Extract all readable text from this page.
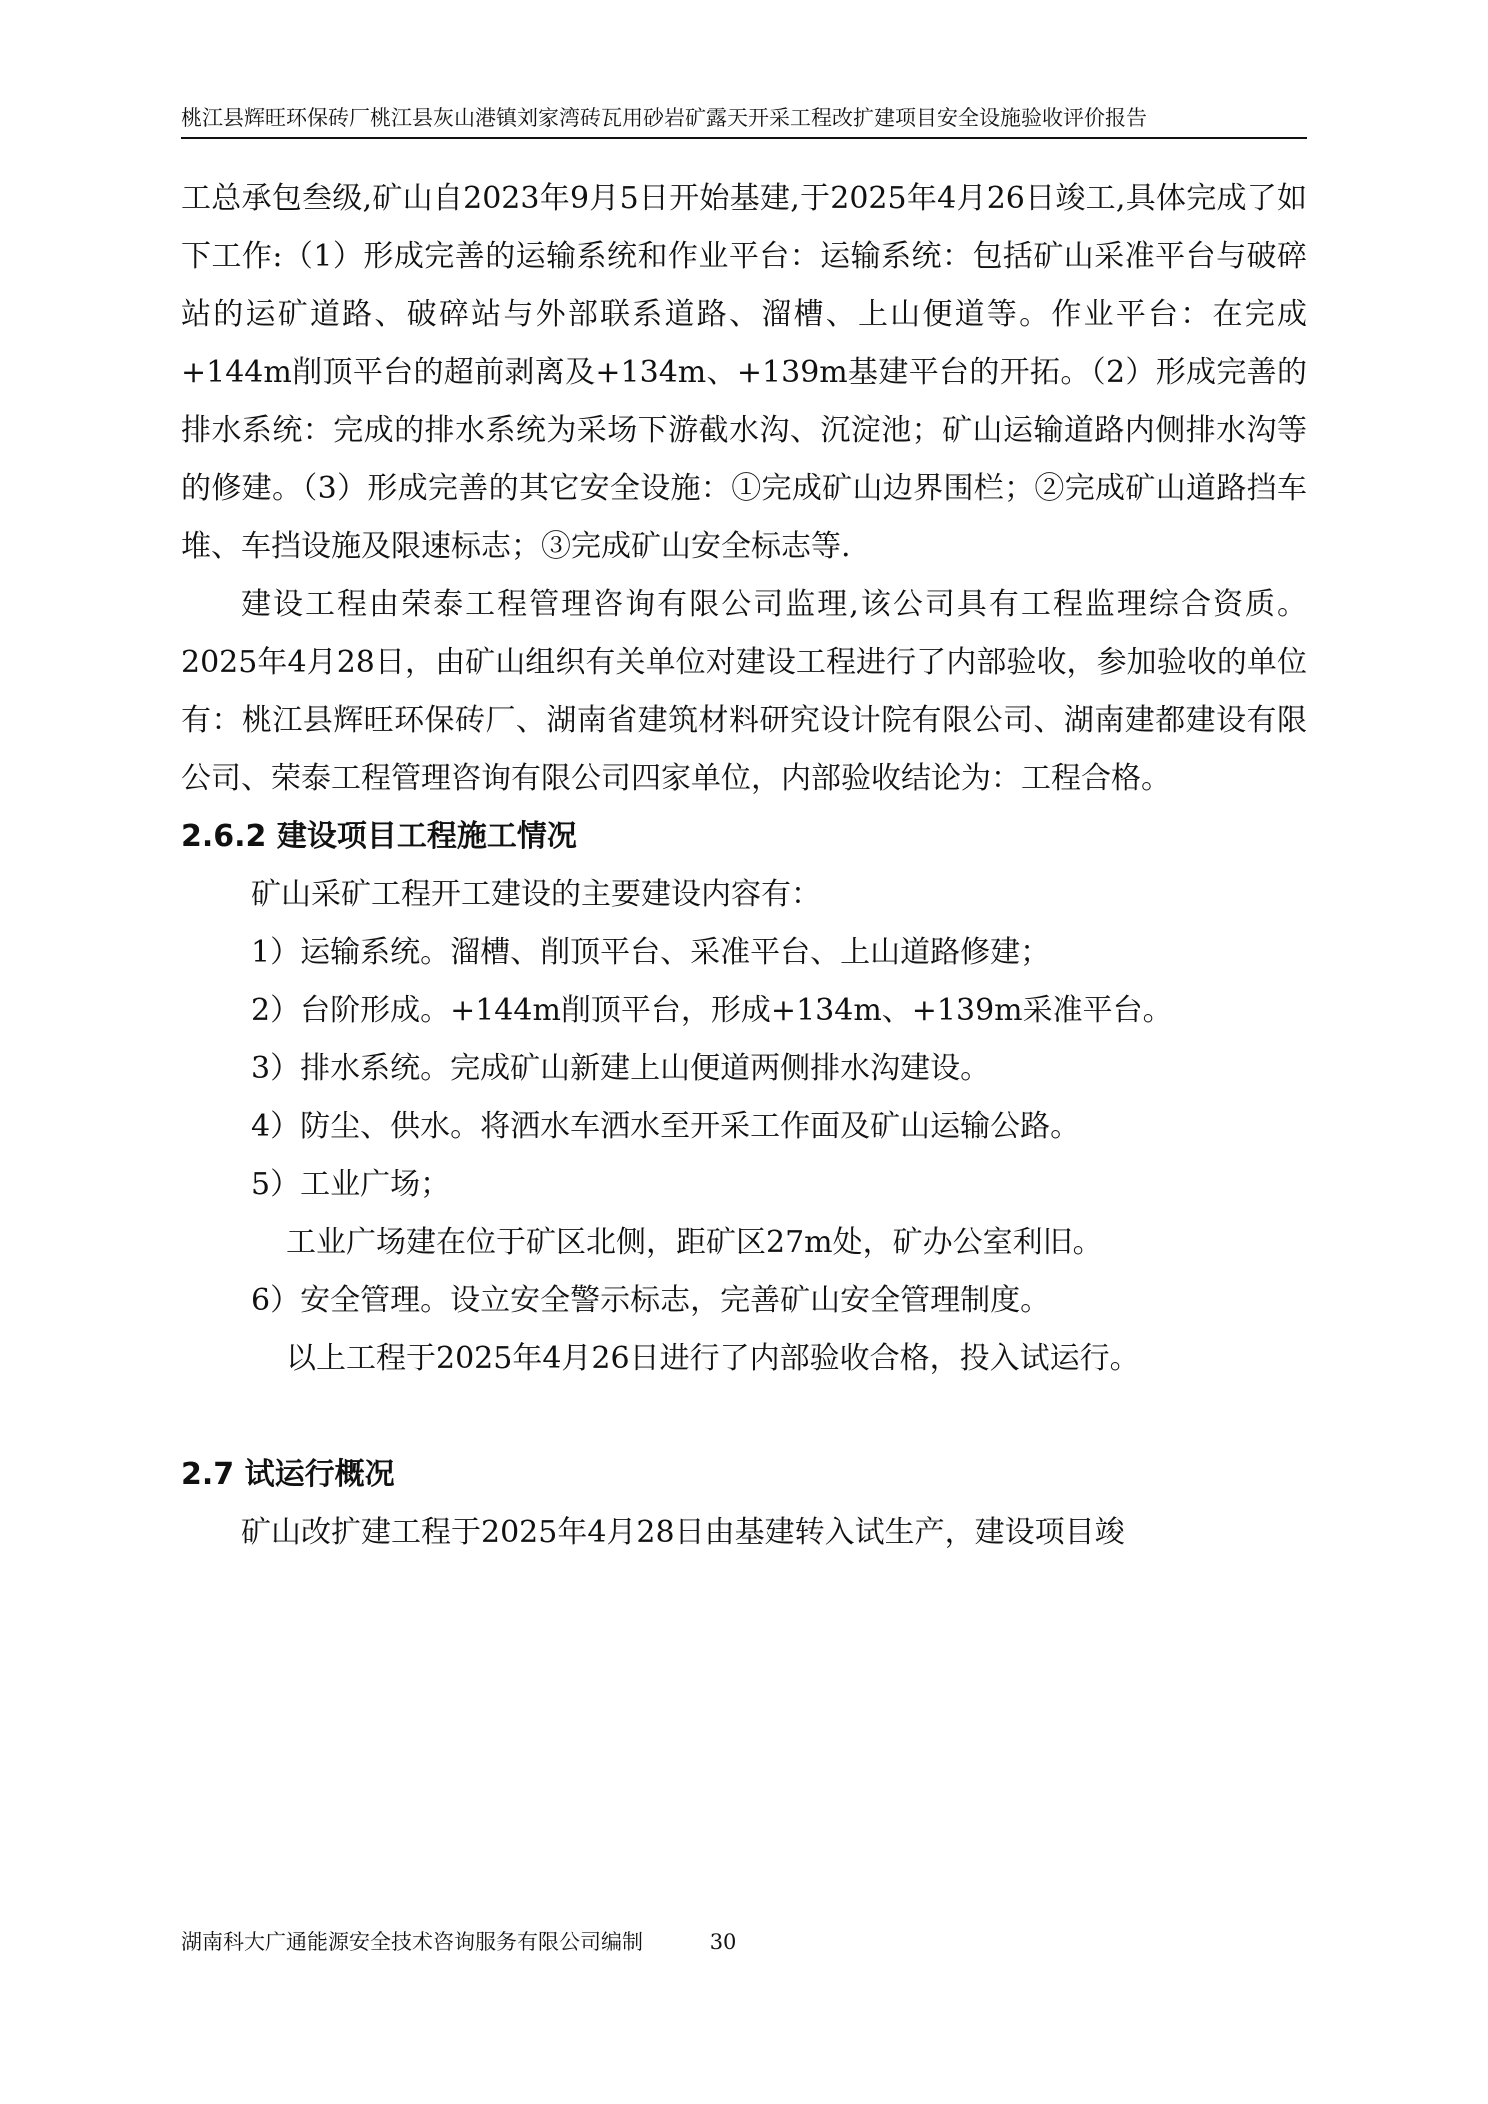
桃江县辉旺环保砖厂桃江县灰山港镇刘家湾砖瓦用砂岩矿露天开采工程改扩建项目安全设施验收评价报告

工总承包叁级,矿山自2023年9月5日开始基建,于2025年4月26日竣工,具体完成了如下工作:（1）形成完善的运输系统和作业平台：运输系统：包括矿山采准平台与破碎站的运矿道路、破碎站与外部联系道路、溜槽、上山便道等。作业平台：在完成+144m削顶平台的超前剥离及+134m、+139m基建平台的开拓。（2）形成完善的排水系统：完成的排水系统为采场下游截水沟、沉淀池；矿山运输道路内侧排水沟等的修建。（3）形成完善的其它安全设施：①完成矿山边界围栏；②完成矿山道路挡车堆、车挡设施及限速标志；③完成矿山安全标志等.

建设工程由荣泰工程管理咨询有限公司监理,该公司具有工程监理综合资质。2025年4月28日，由矿山组织有关单位对建设工程进行了内部验收，参加验收的单位有：桃江县辉旺环保砖厂、湖南省建筑材料研究设计院有限公司、湖南建都建设有限公司、荣泰工程管理咨询有限公司四家单位，内部验收结论为：工程合格。

2.6.2 建设项目工程施工情况

矿山采矿工程开工建设的主要建设内容有：

1）运输系统。溜槽、削顶平台、采准平台、上山道路修建；

2）台阶形成。+144m削顶平台，形成+134m、+139m采准平台。

3）排水系统。完成矿山新建上山便道两侧排水沟建设。

4）防尘、供水。将洒水车洒水至开采工作面及矿山运输公路。

5）工业广场；

工业广场建在位于矿区北侧，距矿区27m处，矿办公室利旧。

6）安全管理。设立安全警示标志，完善矿山安全管理制度。

以上工程于2025年4月26日进行了内部验收合格，投入试运行。

2.7 试运行概况

矿山改扩建工程于2025年4月28日由基建转入试生产，建设项目竣

湖南科大广通能源安全技术咨询服务有限公司编制	30
